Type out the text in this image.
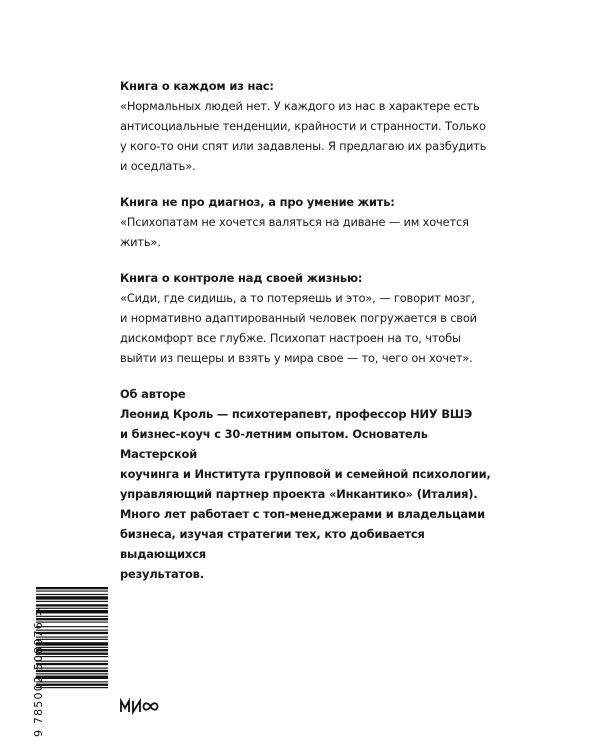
Книга о каждом из нас:
«Нормальных людей нет. У каждого из нас в характере есть
антисоциальные тенденции, крайности и странности. Только
у кого-то они спят или задавлены. Я предлагаю их разбудить
и оседлать».
Книга не про диагноз, а про умение жить:
«Психопатам не хочется валяться на диване — им хочется
жить».
Книга о контроле над своей жизнью:
«Сиди, где сидишь, а то потеряешь и это», — говорит мозг,
и нормативно адаптированный человек погружается в свой
дискомфорт все глубже. Психопат настроен на то, чтобы
выйти из пещеры и взять у мира свое — то, чего он хочет».
Об авторе
Леонид Кроль — психотерапевт, профессор НИУ ВШЭ
и бизнес-коуч с 30-летним опытом. Основатель Мастерской
коучинга и Института групповой и семейной психологии,
управляющий партнер проекта «Инкантико» (Италия).
Много лет работает с топ-менеджерами и владельцами
бизнеса, изучая стратегии тех, кто добивается выдающихся
результатов.
9 785002 508976 >
